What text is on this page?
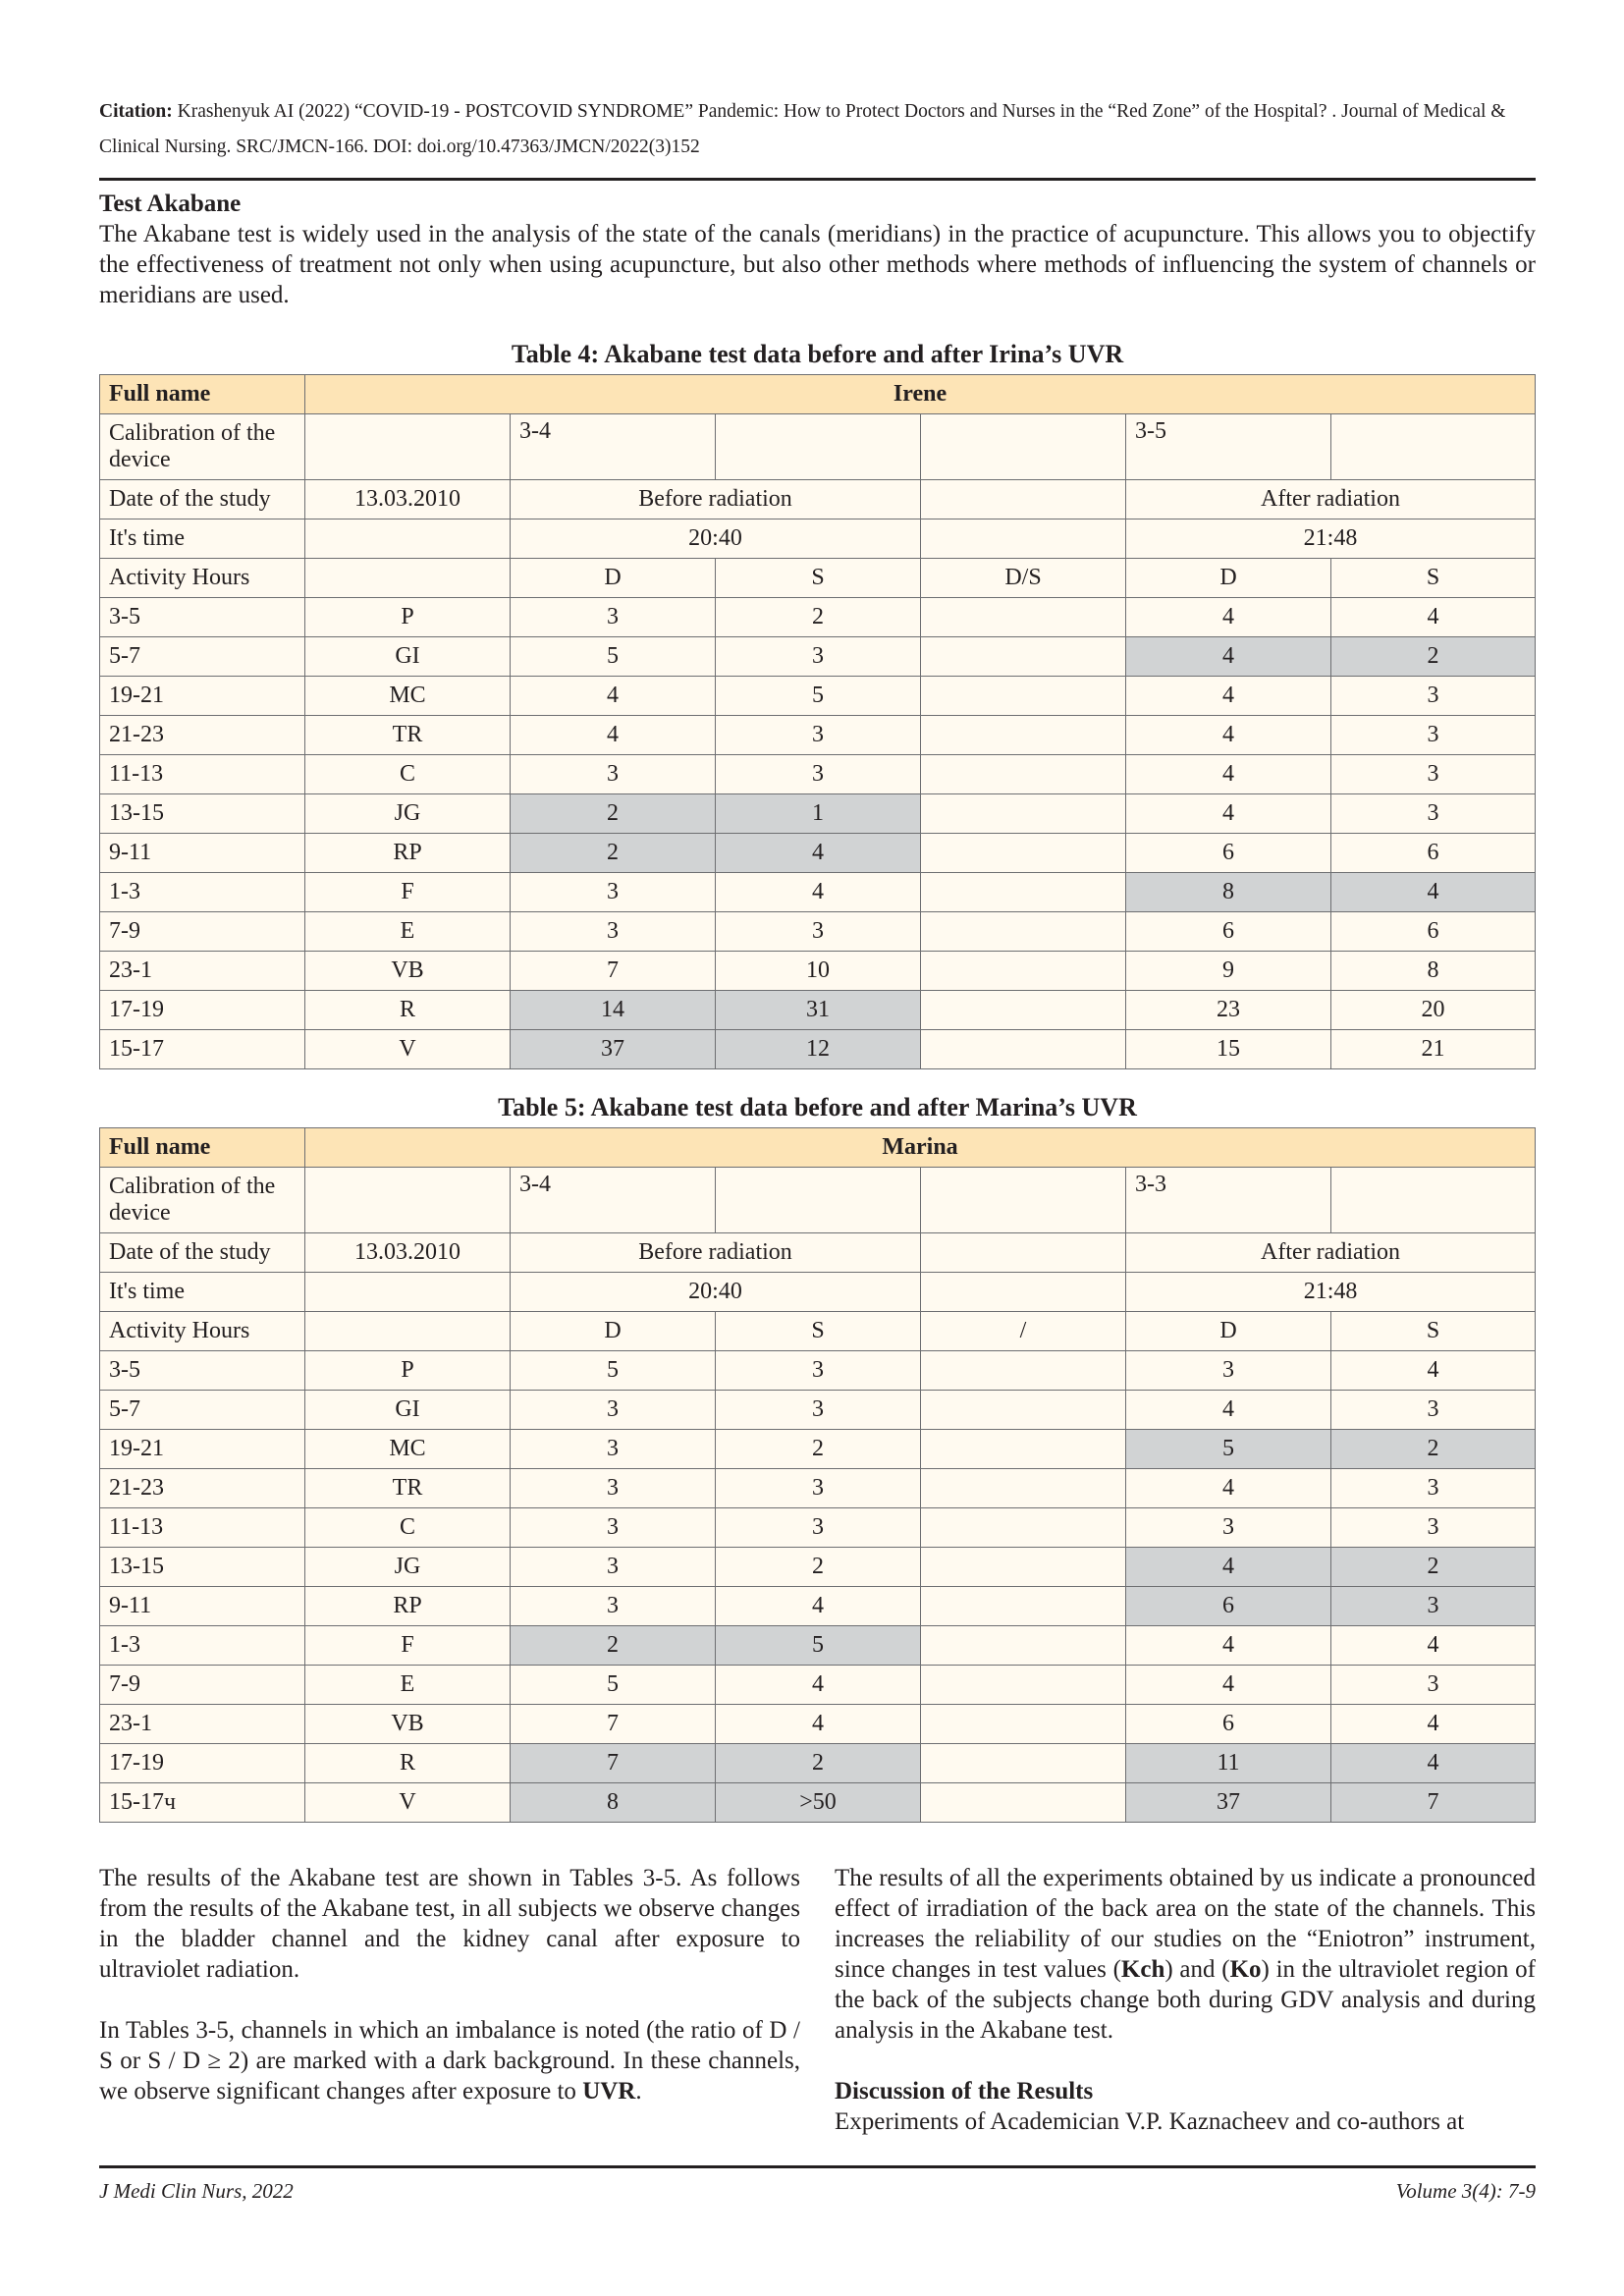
Citation: Krashenyuk AI (2022) “COVID-19 - POSTCOVID SYNDROME” Pandemic: How to Protect Doctors and Nurses in the “Red Zone” of the Hospital? . Journal of Medical & Clinical Nursing. SRC/JMCN-166. DOI: doi.org/10.47363/JMCN/2022(3)152
Test Akabane

The Akabane test is widely used in the analysis of the state of the canals (meridians) in the practice of acupuncture. This allows you to objectify the effectiveness of treatment not only when using acupuncture, but also other methods where methods of influencing the system of channels or meridians are used.

Table 4: Akabane test data before and after Irina’s UVR
Full name	Irene					
Calibration of the device		3-4			3-5	
Date of the study	13.03.2010	Before radiation			After radiation	
It's time		20:40			21:48	
Activity Hours		D	S	D/S	D	S
3-5	P	3	2		4	4
5-7	GI	5	3		4	2
19-21	MC	4	5		4	3
21-23	TR	4	3		4	3
11-13	C	3	3		4	3
13-15	JG	2	1		4	3
9-11	RP	2	4		6	6
1-3	F	3	4		8	4
7-9	E	3	3		6	6
23-1	VB	7	10		9	8
17-19	R	14	31		23	20
15-17	V	37	12		15	21
Table 5: Akabane test data before and after Marina’s UVR
Full name	Marina					
Calibration of the device		3-4			3-3	
Date of the study	13.03.2010	Before radiation			After radiation	
It's time		20:40			21:48	
Activity Hours		D	S	/	D	S
3-5	P	5	3		3	4
5-7	GI	3	3		4	3
19-21	MC	3	2		5	2
21-23	TR	3	3		4	3
11-13	C	3	3		3	3
13-15	JG	3	2		4	2
9-11	RP	3	4		6	3
1-3	F	2	5		4	4
7-9	E	5	4		4	3
23-1	VB	7	4		6	4
17-19	R	7	2		11	4
15-17ч	V	8	>50		37	7

The results of the Akabane test are shown in Tables 3-5. As follows from the results of the Akabane test, in all subjects we observe changes in the bladder channel and the kidney canal after exposure to ultraviolet radiation.

In Tables 3-5, channels in which an imbalance is noted (the ratio of D / S or S / D ≥ 2) are marked with a dark background. In these channels, we observe significant changes after exposure to UVR.

The results of all the experiments obtained by us indicate a pronounced effect of irradiation of the back area on the state of the channels. This increases the reliability of our studies on the “Eniotron” instrument, since changes in test values (Kch) and (Ko) in the ultraviolet region of the back of the subjects change both during GDV analysis and during analysis in the Akabane test.

Discussion of the Results

Experiments of Academician V.P. Kaznacheev and co-authors at

J Medi Clin Nurs, 2022	Volume 3(4): 7-9
